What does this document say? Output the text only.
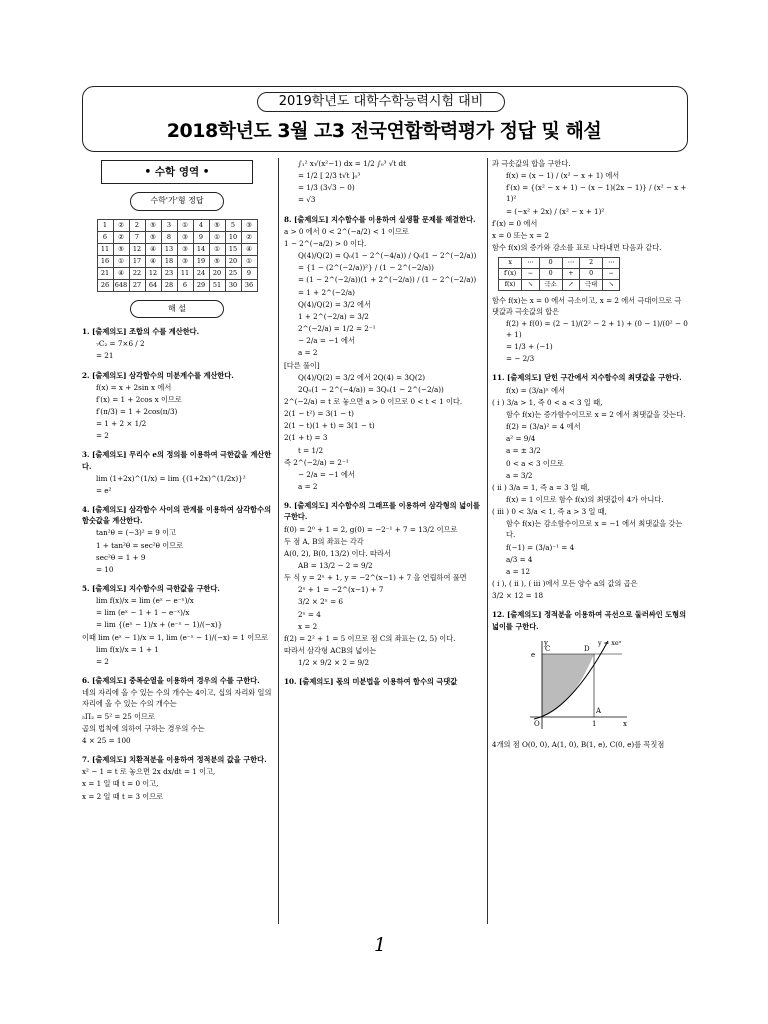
2019학년도 대학수학능력시험 대비
2018학년도 3월 고3 전국연합학력평가 정답 및 해설
• 수학 영역 •
수학'가'형 정답
1	②	2	⑤	3	①	4	⑤	5	③
6	②	7	⑤	8	③	9	①	10	②
11	⑤	12	④	13	③	14	①	15	④
16	①	17	④	18	③	19	⑤	20	①
21	④	22	12	23	11	24	20	25	9
26	648	27	64	28	6	29	51	30	36
해 설
1. [출제의도] 조합의 수를 계산한다.
₇C₂ = 7×6 / 2
= 21
2. [출제의도] 삼각함수의 미분계수를 계산한다.
f(x) = x + 2sin x 에서
f′(x) = 1 + 2cos x 이므로
f′(π/3) = 1 + 2cos(π/3)
= 1 + 2 × 1/2
= 2
3. [출제의도] 무리수 e의 정의를 이용하여 극한값을 계산한다.
lim (1+2x)^(1/x) = lim {(1+2x)^(1/2x)}²
= e²
4. [출제의도] 삼각함수 사이의 관계를 이용하여 삼각함수의 함숫값을 계산한다.
tan²θ = (−3)² = 9 이고
1 + tan²θ = sec²θ 이므로
sec²θ = 1 + 9
= 10
5. [출제의도] 지수함수의 극한값을 구한다.
lim f(x)/x = lim (eˣ − e⁻ˣ)/x
= lim (eˣ − 1 + 1 − e⁻ˣ)/x
= lim {(eˣ − 1)/x + (e⁻ˣ − 1)/(−x)}
이때 lim (eˣ − 1)/x = 1, lim (e⁻ˣ − 1)/(−x) = 1 이므로
lim f(x)/x = 1 + 1
= 2
6. [출제의도] 중복순열을 이용하여 경우의 수를 구한다.
네의 자리에 올 수 있는 수의 개수는 4이고, 십의 자리와 일의 자리에 올 수 있는 수의 개수는
₅Π₂ = 5² = 25 이므로
곱의 법칙에 의하여 구하는 경우의 수는
4 × 25 = 100
7. [출제의도] 치환적분을 이용하여 정적분의 값을 구한다.
x² − 1 = t 로 놓으면 2x dx/dt = 1 이고,
x = 1 일 때 t = 0 이고,
x = 2 일 때 t = 3 이므로
∫₁² x√(x²−1) dx = 1/2 ∫₀³ √t dt
= 1/2 [ 2/3 t√t ]₀³
= 1/3 (3√3 − 0)
= √3
8. [출제의도] 지수함수를 이용하여 실생활 문제를 해결한다.
a > 0 에서 0 < 2^(−a/2) < 1 이므로
1 − 2^(−a/2) > 0 이다.
Q(4)/Q(2) = Q₀(1 − 2^(−4/a)) / Q₀(1 − 2^(−2/a))
= {1 − (2^(−2/a))²} / (1 − 2^(−2/a))
= (1 − 2^(−2/a))(1 + 2^(−2/a)) / (1 − 2^(−2/a))
= 1 + 2^(−2/a)
Q(4)/Q(2) = 3/2 에서
1 + 2^(−2/a) = 3/2
2^(−2/a) = 1/2 = 2⁻¹
− 2/a = −1 에서
a = 2
[다른 풀이]
Q(4)/Q(2) = 3/2 에서 2Q(4) = 3Q(2)
2Q₀(1 − 2^(−4/a)) = 3Q₀(1 − 2^(−2/a))
2^(−2/a) = t 로 놓으면 a > 0 이므로 0 < t < 1 이다.
2(1 − t²) = 3(1 − t)
2(1 − t)(1 + t) = 3(1 − t)
2(1 + t) = 3
t = 1/2
즉 2^(−2/a) = 2⁻¹
− 2/a = −1 에서
a = 2
9. [출제의도] 지수함수의 그래프를 이용하여 삼각형의 넓이를 구한다.
f(0) = 2⁰ + 1 = 2, g(0) = −2⁻¹ + 7 = 13/2 이므로
두 점 A, B의 좌표는 각각
A(0, 2), B(0, 13/2) 이다. 따라서
AB = 13/2 − 2 = 9/2
두 식 y = 2ˣ + 1, y = −2^(x−1) + 7 을 연립하여 풀면
2ˣ + 1 = −2^(x−1) + 7
3/2 × 2ˣ = 6
2ˣ = 4
x = 2
f(2) = 2² + 1 = 5 이므로 점 C의 좌표는 (2, 5) 이다.
따라서 삼각형 ACB의 넓이는
1/2 × 9/2 × 2 = 9/2
10. [출제의도] 몫의 미분법을 이용하여 함수의 극댓값
과 극솟값의 합을 구한다.
f(x) = (x − 1) / (x² − x + 1) 에서
f′(x) = {(x² − x + 1) − (x − 1)(2x − 1)} / (x² − x + 1)²
= (−x² + 2x) / (x² − x + 1)²
f′(x) = 0 에서
x = 0 또는 x = 2
함수 f(x)의 증가와 감소를 표로 나타내면 다음과 같다.
x	⋯	0	⋯	2	⋯
f′(x)	−	0	+	0	−
f(x)	↘	극소	↗	극대	↘
함수 f(x)는 x = 0 에서 극소이고, x = 2 에서 극대이므로 극댓값과 극솟값의 합은
f(2) + f(0) = (2 − 1)/(2² − 2 + 1) + (0 − 1)/(0² − 0 + 1)
= 1/3 + (−1)
= − 2/3
11. [출제의도] 닫힌 구간에서 지수함수의 최댓값을 구한다.
f(x) = (3/a)ˣ 에서
( i ) 3/a > 1, 즉 0 < a < 3 일 때,
함수 f(x)는 증가함수이므로 x = 2 에서 최댓값을 갖는다.
f(2) = (3/a)² = 4 에서
a² = 9/4
a = ± 3/2
0 < a < 3 이므로
a = 3/2
( ii ) 3/a = 1, 즉 a = 3 일 때,
f(x) = 1 이므로 함수 f(x)의 최댓값이 4가 아니다.
( iii ) 0 < 3/a < 1, 즉 a > 3 일 때,
함수 f(x)는 감소함수이므로 x = −1 에서 최댓값을 갖는다.
f(−1) = (3/a)⁻¹ = 4
a/3 = 4
a = 12
( i ), ( ii ), ( iii )에서 모든 양수 a의 값의 곱은
3/2 × 12 = 18
12. [출제의도] 정적분을 이용하여 곡선으로 둘러싸인 도형의 넓이를 구한다.
y	y = xeˣ
C	D
e
A
O	1	x
4개의 점 O(0, 0), A(1, 0), B(1, e), C(0, e)를 꼭짓점
1
